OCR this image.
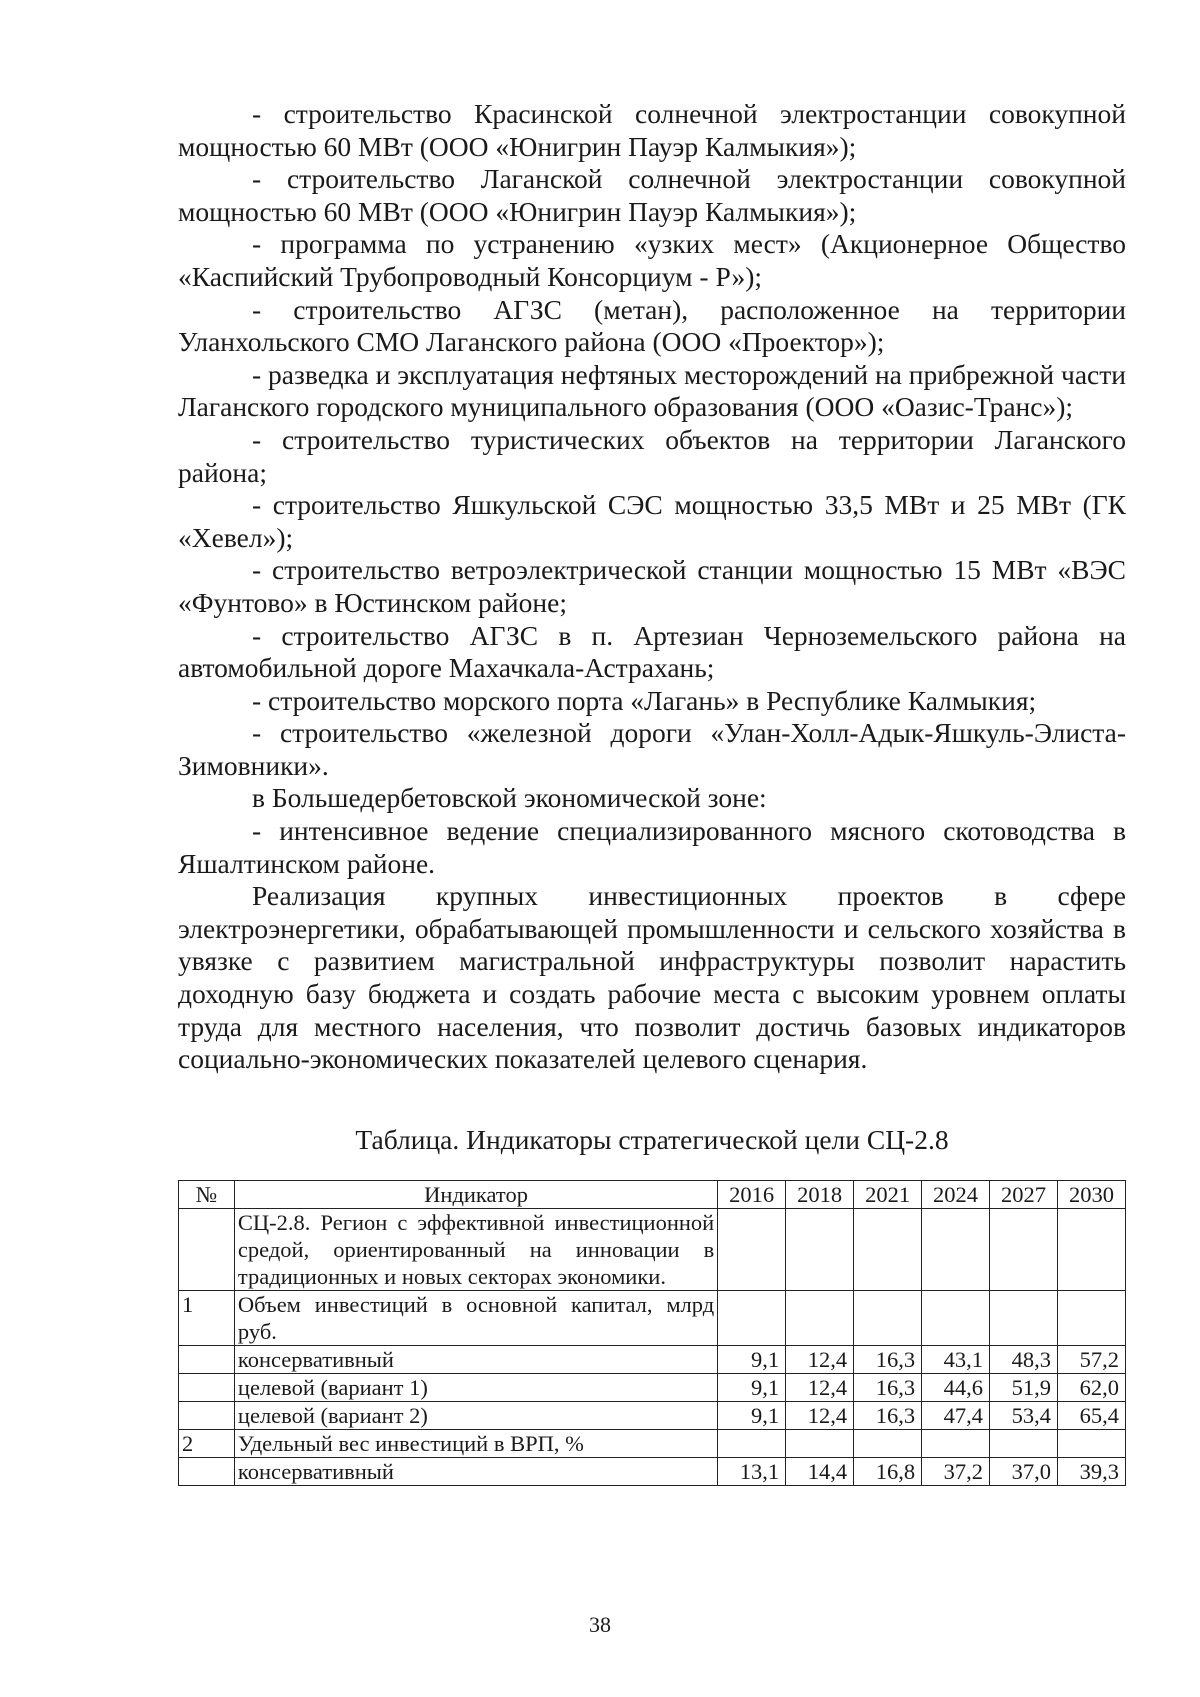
- строительство Красинской солнечной электростанции совокупной мощностью 60 МВт (ООО «Юнигрин Пауэр Калмыкия»);

- строительство Лаганской солнечной электростанции совокупной мощностью 60 МВт (ООО «Юнигрин Пауэр Калмыкия»);

- программа по устранению «узких мест» (Акционерное Общество «Каспийский Трубопроводный Консорциум - Р»);

- строительство АГЗС (метан), расположенное на территории Уланхольского СМО Лаганского района (ООО «Проектор»);

- разведка и эксплуатация нефтяных месторождений на прибрежной части Лаганского городского муниципального образования (ООО «Оазис-Транс»);

- строительство туристических объектов на территории Лаганского района;

- строительство Яшкульской СЭС мощностью 33,5 МВт и 25 МВт (ГК «Хевел»);

- строительство ветроэлектрической станции мощностью 15 МВт «ВЭС «Фунтово» в Юстинском районе;

- строительство АГЗС в п. Артезиан Черноземельского района на автомобильной дороге Махачкала-Астрахань;

- строительство морского порта «Лагань» в Республике Калмыкия;

- строительство «железной дороги «Улан-Холл-Адык-Яшкуль-Элиста-Зимовники».

в Большедербетовской экономической зоне:

- интенсивное ведение специализированного мясного скотоводства в Яшалтинском районе.

Реализация крупных инвестиционных проектов в сфере электроэнергетики, обрабатывающей промышленности и сельского хозяйства в увязке с развитием магистральной инфраструктуры позволит нарастить доходную базу бюджета и создать рабочие места с высоким уровнем оплаты труда для местного населения, что позволит достичь базовых индикаторов социально-экономических показателей целевого сценария.

Таблица. Индикаторы стратегической цели СЦ-2.8
№	Индикатор	2016	2018	2021	2024	2027	2030
	СЦ-2.8. Регион с эффективной инвестиционной средой, ориентированный на инновации в традиционных и новых секторах экономики.						
1	Объем инвестиций в основной капитал, млрд руб.						
	консервативный	9,1	12,4	16,3	43,1	48,3	57,2
	целевой (вариант 1)	9,1	12,4	16,3	44,6	51,9	62,0
	целевой (вариант 2)	9,1	12,4	16,3	47,4	53,4	65,4
2	Удельный вес инвестиций в ВРП, %						
	консервативный	13,1	14,4	16,8	37,2	37,0	39,3
38
